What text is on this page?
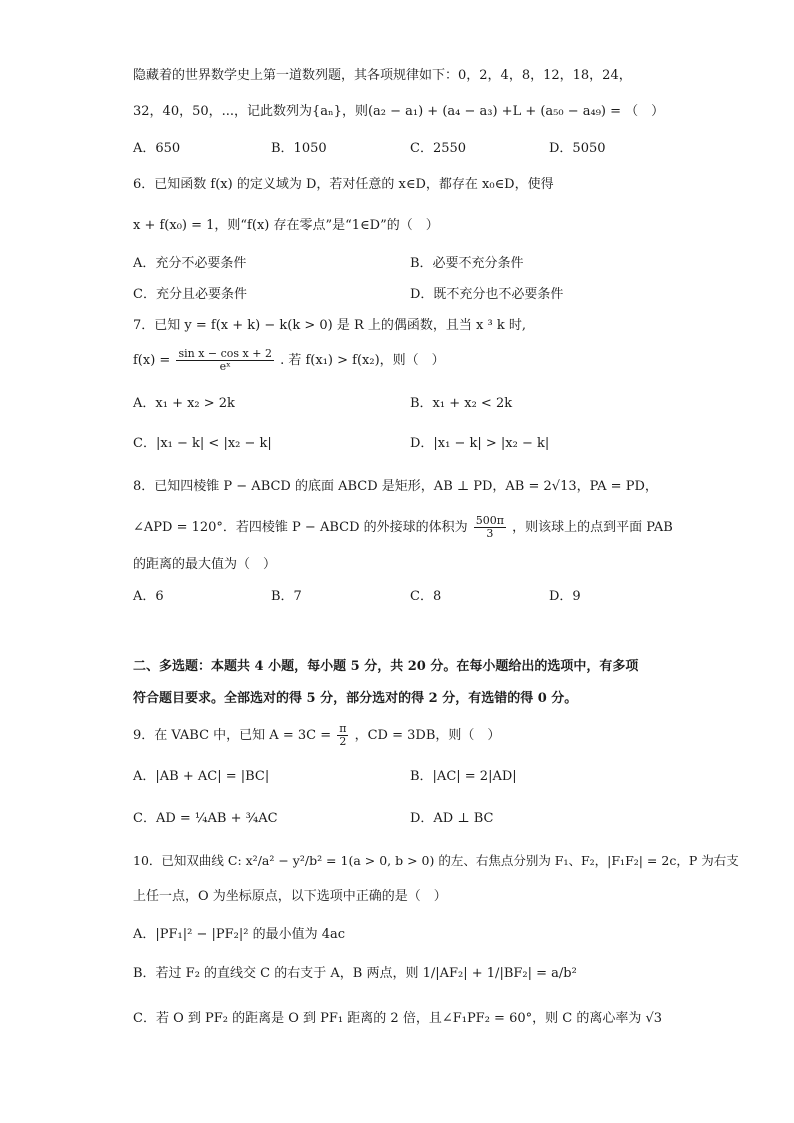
隐藏着的世界数学史上第一道数列题，其各项规律如下：0，2，4，8，12，18，24，
32，40，50，...，记此数列为{aₙ}，则(a₂ − a₁) + (a₄ − a₃) +L + (a₅₀ − a₄₉) = （　）
A．650	B．1050	C．2550	D．5050
6．已知函数 f(x) 的定义域为 D，若对任意的 x∈D，都存在 x₀∈D，使得
x + f(x₀) = 1，则“f(x) 存在零点”是“1∈D”的（　）
A．充分不必要条件	B．必要不充分条件
C．充分且必要条件	D．既不充分也不必要条件
7．已知 y = f(x + k) − k(k > 0) 是 R 上的偶函数，且当 x ³ k 时,
$f(x) = \frac{\text{sin x − cos x + 2}}{\text{eˣ}}$ . 若 f(x₁) > f(x₂)，则（　）
A．x₁ + x₂ > 2k	B．x₁ + x₂ < 2k
C．|x₁ − k| < |x₂ − k|	D．|x₁ − k| > |x₂ − k|
8．已知四棱锥 P − ABCD 的底面 ABCD 是矩形，AB ⊥ PD，AB = 2√13，PA = PD，
∠APD = 120°．若四棱锥 P − ABCD 的外接球的体积为 $\frac{500\pi}{3}$ ，则该球上的点到平面 PAB
的距离的最大值为（　）
A．6	B．7	C．8	D．9
二、多选题：本题共 4 小题，每小题 5 分，共 20 分。在每小题给出的选项中，有多项
符合题目要求。全部选对的得 5 分，部分选对的得 2 分，有选错的得 0 分。
9．在 VABC 中，已知 $A = 3C = \frac{\pi}{2}$ ，CD = 3DB，则（　）
A．|AB + AC| = |BC|	B．|AC| = 2|AD|
C．AD = ¼AB + ¾AC	D．AD ⊥ BC
10．已知双曲线 C: x²/a² − y²/b² = 1(a > 0, b > 0) 的左、右焦点分别为 F₁、F₂，|F₁F₂| = 2c，P 为右支
上任一点，O 为坐标原点，以下选项中正确的是（　）
A．|PF₁|² − |PF₂|² 的最小值为 4ac
B．若过 F₂ 的直线交 C 的右支于 A，B 两点，则 1/|AF₂| + 1/|BF₂| = a/b²
C．若 O 到 PF₂ 的距离是 O 到 PF₁ 距离的 2 倍，且∠F₁PF₂ = 60°，则 C 的离心率为 √3
